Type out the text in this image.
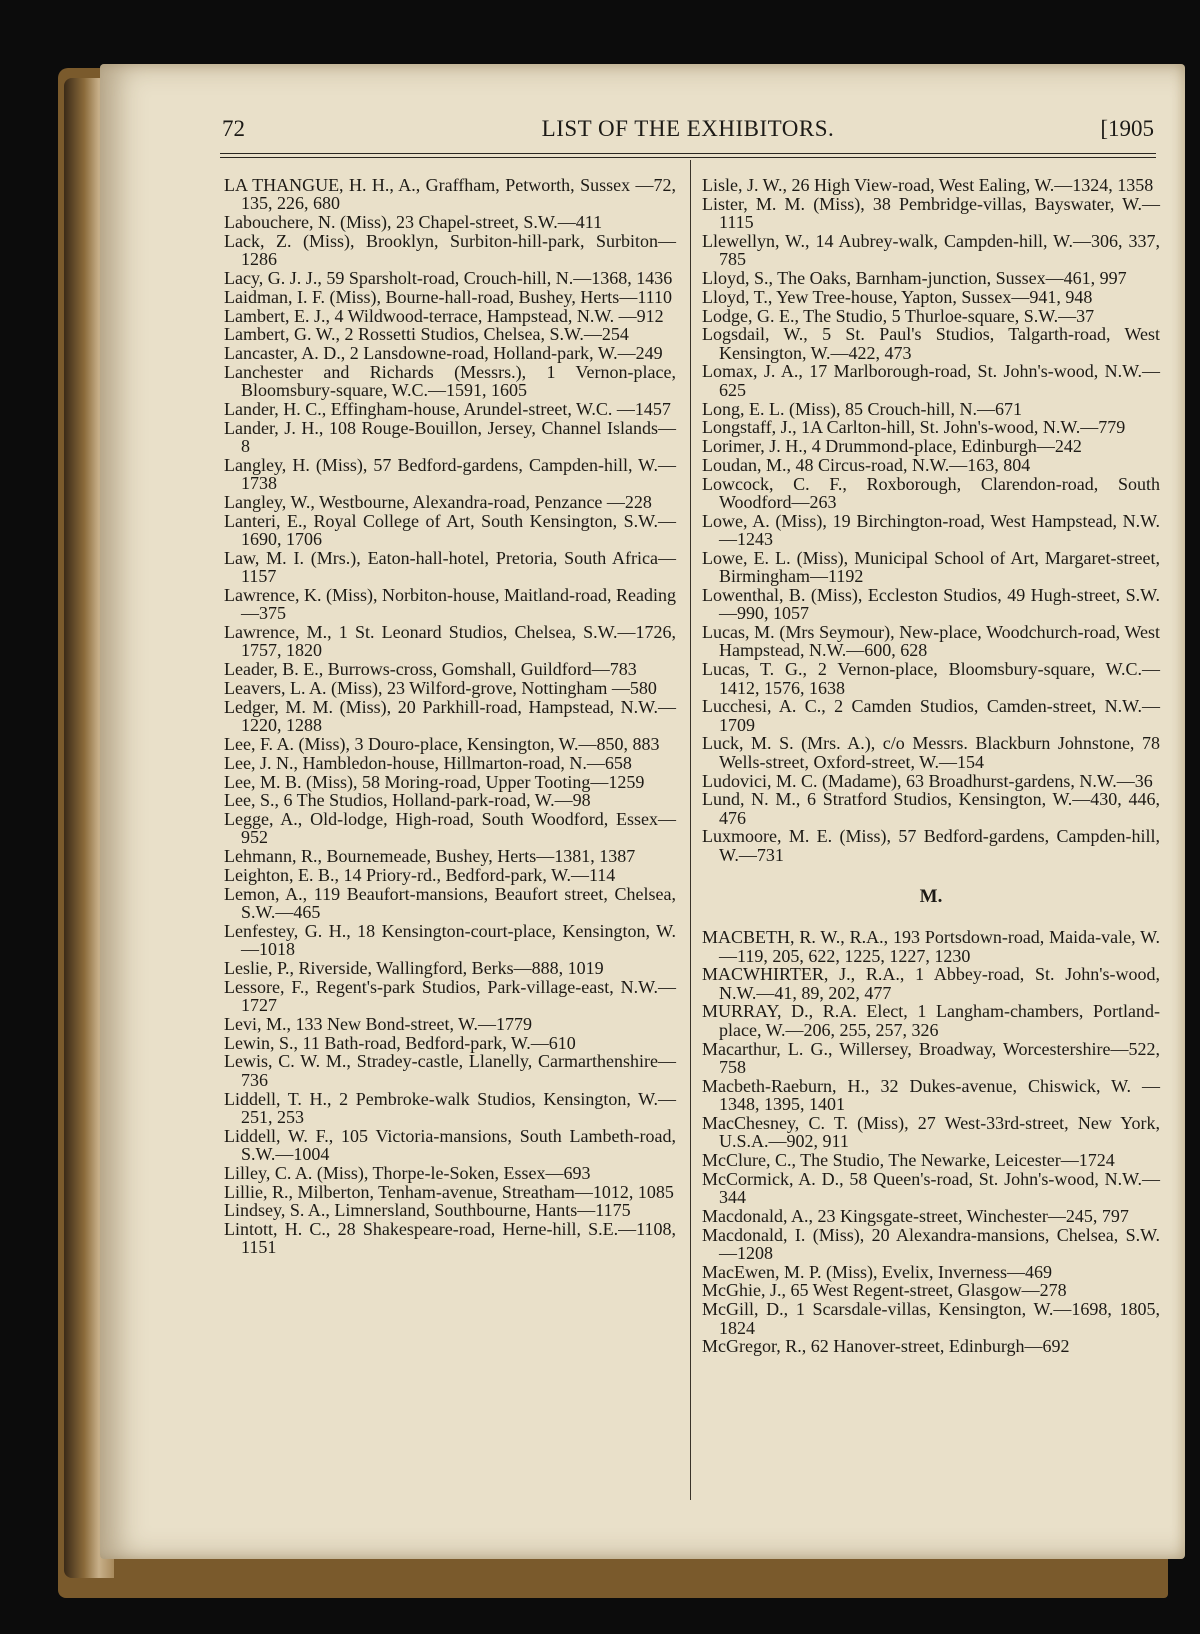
72	LIST OF THE EXHIBITORS.	[1905
LA THANGUE, H. H., A., Graffham, Petworth, Sussex —72, 135, 226, 680
Labouchere, N. (Miss), 23 Chapel-street, S.W.—411
Lack, Z. (Miss), Brooklyn, Surbiton-hill-park, Surbiton—1286
Lacy, G. J. J., 59 Sparsholt-road, Crouch-hill, N.—1368, 1436
Laidman, I. F. (Miss), Bourne-hall-road, Bushey, Herts—1110
Lambert, E. J., 4 Wildwood-terrace, Hampstead, N.W. —912
Lambert, G. W., 2 Rossetti Studios, Chelsea, S.W.—254
Lancaster, A. D., 2 Lansdowne-road, Holland-park, W.—249
Lanchester and Richards (Messrs.), 1 Vernon-place, Bloomsbury-square, W.C.—1591, 1605
Lander, H. C., Effingham-house, Arundel-street, W.C. —1457
Lander, J. H., 108 Rouge-Bouillon, Jersey, Channel Islands—8
Langley, H. (Miss), 57 Bedford-gardens, Campden-hill, W.—1738
Langley, W., Westbourne, Alexandra-road, Penzance —228
Lanteri, E., Royal College of Art, South Kensington, S.W.—1690, 1706
Law, M. I. (Mrs.), Eaton-hall-hotel, Pretoria, South Africa—1157
Lawrence, K. (Miss), Norbiton-house, Maitland-road, Reading—375
Lawrence, M., 1 St. Leonard Studios, Chelsea, S.W.—1726, 1757, 1820
Leader, B. E., Burrows-cross, Gomshall, Guildford—783
Leavers, L. A. (Miss), 23 Wilford-grove, Nottingham —580
Ledger, M. M. (Miss), 20 Parkhill-road, Hampstead, N.W.—1220, 1288
Lee, F. A. (Miss), 3 Douro-place, Kensington, W.—850, 883
Lee, J. N., Hambledon-house, Hillmarton-road, N.—658
Lee, M. B. (Miss), 58 Moring-road, Upper Tooting—1259
Lee, S., 6 The Studios, Holland-park-road, W.—98
Legge, A., Old-lodge, High-road, South Woodford, Essex—952
Lehmann, R., Bournemeade, Bushey, Herts—1381, 1387
Leighton, E. B., 14 Priory-rd., Bedford-park, W.—114
Lemon, A., 119 Beaufort-mansions, Beaufort street, Chelsea, S.W.—465
Lenfestey, G. H., 18 Kensington-court-place, Kensington, W.—1018
Leslie, P., Riverside, Wallingford, Berks—888, 1019
Lessore, F., Regent's-park Studios, Park-village-east, N.W.—1727
Levi, M., 133 New Bond-street, W.—1779
Lewin, S., 11 Bath-road, Bedford-park, W.—610
Lewis, C. W. M., Stradey-castle, Llanelly, Carmarthenshire—736
Liddell, T. H., 2 Pembroke-walk Studios, Kensington, W.—251, 253
Liddell, W. F., 105 Victoria-mansions, South Lambeth-road, S.W.—1004
Lilley, C. A. (Miss), Thorpe-le-Soken, Essex—693
Lillie, R., Milberton, Tenham-avenue, Streatham—1012, 1085
Lindsey, S. A., Limnersland, Southbourne, Hants—1175
Lintott, H. C., 28 Shakespeare-road, Herne-hill, S.E.—1108, 1151
Lisle, J. W., 26 High View-road, West Ealing, W.—1324, 1358
Lister, M. M. (Miss), 38 Pembridge-villas, Bayswater, W.—1115
Llewellyn, W., 14 Aubrey-walk, Campden-hill, W.—306, 337, 785
Lloyd, S., The Oaks, Barnham-junction, Sussex—461, 997
Lloyd, T., Yew Tree-house, Yapton, Sussex—941, 948
Lodge, G. E., The Studio, 5 Thurloe-square, S.W.—37
Logsdail, W., 5 St. Paul's Studios, Talgarth-road, West Kensington, W.—422, 473
Lomax, J. A., 17 Marlborough-road, St. John's-wood, N.W.—625
Long, E. L. (Miss), 85 Crouch-hill, N.—671
Longstaff, J., 1A Carlton-hill, St. John's-wood, N.W.—779
Lorimer, J. H., 4 Drummond-place, Edinburgh—242
Loudan, M., 48 Circus-road, N.W.—163, 804
Lowcock, C. F., Roxborough, Clarendon-road, South Woodford—263
Lowe, A. (Miss), 19 Birchington-road, West Hampstead, N.W.—1243
Lowe, E. L. (Miss), Municipal School of Art, Margaret-street, Birmingham—1192
Lowenthal, B. (Miss), Eccleston Studios, 49 Hugh-street, S.W.—990, 1057
Lucas, M. (Mrs Seymour), New-place, Woodchurch-road, West Hampstead, N.W.—600, 628
Lucas, T. G., 2 Vernon-place, Bloomsbury-square, W.C.—1412, 1576, 1638
Lucchesi, A. C., 2 Camden Studios, Camden-street, N.W.—1709
Luck, M. S. (Mrs. A.), c/o Messrs. Blackburn Johnstone, 78 Wells-street, Oxford-street, W.—154
Ludovici, M. C. (Madame), 63 Broadhurst-gardens, N.W.—36
Lund, N. M., 6 Stratford Studios, Kensington, W.—430, 446, 476
Luxmoore, M. E. (Miss), 57 Bedford-gardens, Campden-hill, W.—731
M.
MACBETH, R. W., R.A., 193 Portsdown-road, Maida-vale, W.—119, 205, 622, 1225, 1227, 1230
MACWHIRTER, J., R.A., 1 Abbey-road, St. John's-wood, N.W.—41, 89, 202, 477
MURRAY, D., R.A. Elect, 1 Langham-chambers, Portland-place, W.—206, 255, 257, 326
Macarthur, L. G., Willersey, Broadway, Worcestershire—522, 758
Macbeth-Raeburn, H., 32 Dukes-avenue, Chiswick, W. —1348, 1395, 1401
MacChesney, C. T. (Miss), 27 West-33rd-street, New York, U.S.A.—902, 911
McClure, C., The Studio, The Newarke, Leicester—1724
McCormick, A. D., 58 Queen's-road, St. John's-wood, N.W.—344
Macdonald, A., 23 Kingsgate-street, Winchester—245, 797
Macdonald, I. (Miss), 20 Alexandra-mansions, Chelsea, S.W.—1208
MacEwen, M. P. (Miss), Evelix, Inverness—469
McGhie, J., 65 West Regent-street, Glasgow—278
McGill, D., 1 Scarsdale-villas, Kensington, W.—1698, 1805, 1824
McGregor, R., 62 Hanover-street, Edinburgh—692
